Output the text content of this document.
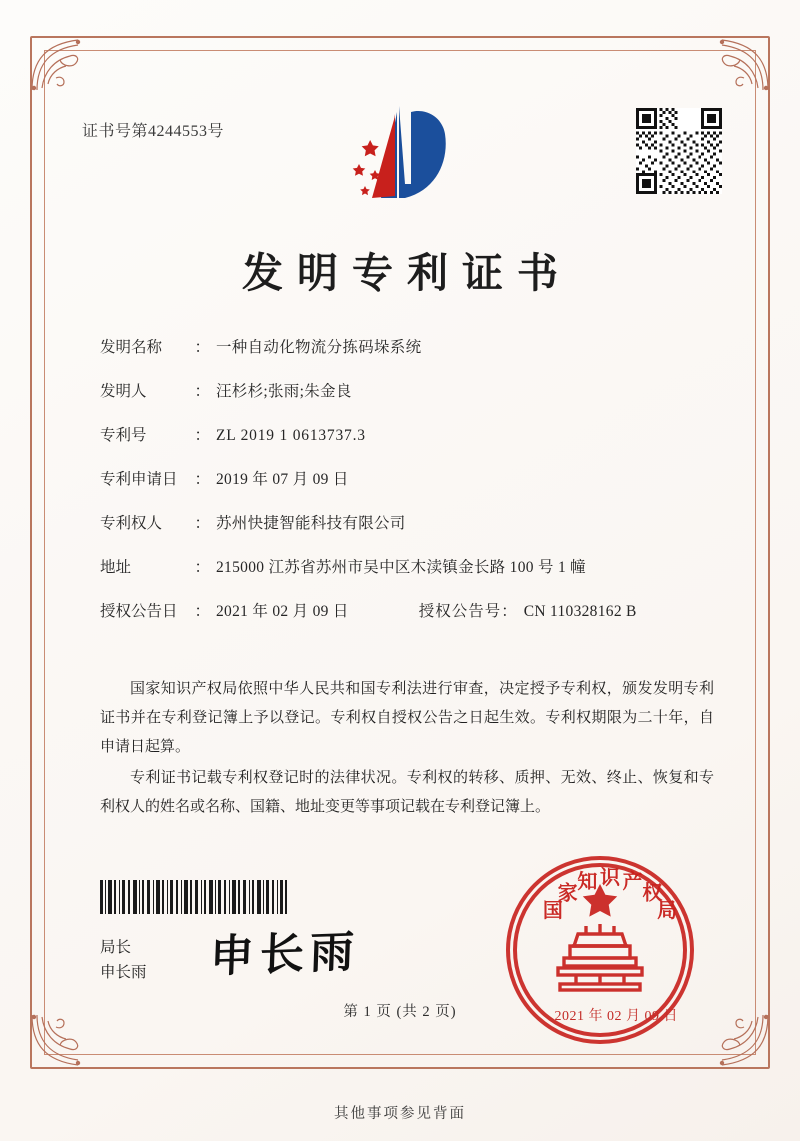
证书号第4244553号
发明专利证书
发明名称 ： 一种自动化物流分拣码垛系统
发明人	： 汪杉杉;张雨;朱金良
专利号	： ZL 2019 1 0613737.3
专利申请日 ： 2019 年 07 月 09 日
专利权人 ： 苏州快捷智能科技有限公司
地址	： 215000 江苏省苏州市吴中区木渎镇金长路 100 号 1 幢
授权公告日 ： 2021 年 02 月 09 日	授权公告号： CN 110328162 B

国家知识产权局依照中华人民共和国专利法进行审查，决定授予专利权，颁发发明专利证书并在专利登记簿上予以登记。专利权自授权公告之日起生效。专利权期限为二十年，自申请日起算。

专利证书记载专利权登记时的法律状况。专利权的转移、质押、无效、终止、恢复和专利权人的姓名或名称、国籍、地址变更等事项记载在专利登记簿上。

局长
申长雨 申长雨
国
家
知 识 产
权
局
2021 年 02 月 09 日
第 1 页 (共 2 页)
其他事项参见背面
